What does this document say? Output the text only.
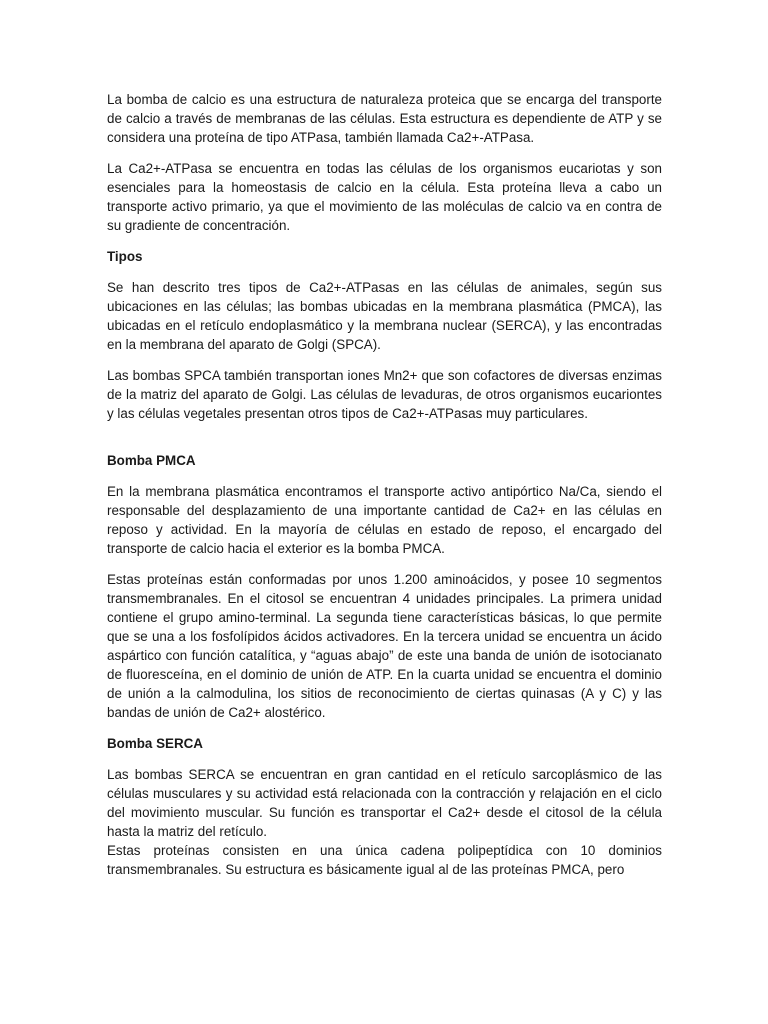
La bomba de calcio es una estructura de naturaleza proteica que se encarga del transporte de calcio a través de membranas de las células. Esta estructura es dependiente de ATP y se considera una proteína de tipo ATPasa, también llamada Ca2+-ATPasa.

La Ca2+-ATPasa se encuentra en todas las células de los organismos eucariotas y son esenciales para la homeostasis de calcio en la célula. Esta proteína lleva a cabo un transporte activo primario, ya que el movimiento de las moléculas de calcio va en contra de su gradiente de concentración.

Tipos

Se han descrito tres tipos de Ca2+-ATPasas en las células de animales, según sus ubicaciones en las células; las bombas ubicadas en la membrana plasmática (PMCA), las ubicadas en el retículo endoplasmático y la membrana nuclear (SERCA), y las encontradas en la membrana del aparato de Golgi (SPCA).

Las bombas SPCA también transportan iones Mn2+ que son cofactores de diversas enzimas de la matriz del aparato de Golgi. Las células de levaduras, de otros organismos eucariontes y las células vegetales presentan otros tipos de Ca2+-ATPasas muy particulares.

Bomba PMCA

En la membrana plasmática encontramos el transporte activo antipórtico Na/Ca, siendo el responsable del desplazamiento de una importante cantidad de Ca2+ en las células en reposo y actividad. En la mayoría de células en estado de reposo, el encargado del transporte de calcio hacia el exterior es la bomba PMCA.

Estas proteínas están conformadas por unos 1.200 aminoácidos, y posee 10 segmentos transmembranales. En el citosol se encuentran 4 unidades principales. La primera unidad contiene el grupo amino-terminal. La segunda tiene características básicas, lo que permite que se una a los fosfolípidos ácidos activadores. En la tercera unidad se encuentra un ácido aspártico con función catalítica, y “aguas abajo” de este una banda de unión de isotocianato de fluoresceína, en el dominio de unión de ATP. En la cuarta unidad se encuentra el dominio de unión a la calmodulina, los sitios de reconocimiento de ciertas quinasas (A y C) y las bandas de unión de Ca2+ alostérico.

Bomba SERCA

Las bombas SERCA se encuentran en gran cantidad en el retículo sarcoplásmico de las células musculares y su actividad está relacionada con la contracción y relajación en el ciclo del movimiento muscular. Su función es transportar el Ca2+ desde el citosol de la célula hasta la matriz del retículo.

Estas proteínas consisten en una única cadena polipeptídica con 10 dominios transmembranales. Su estructura es básicamente igual al de las proteínas PMCA, pero
